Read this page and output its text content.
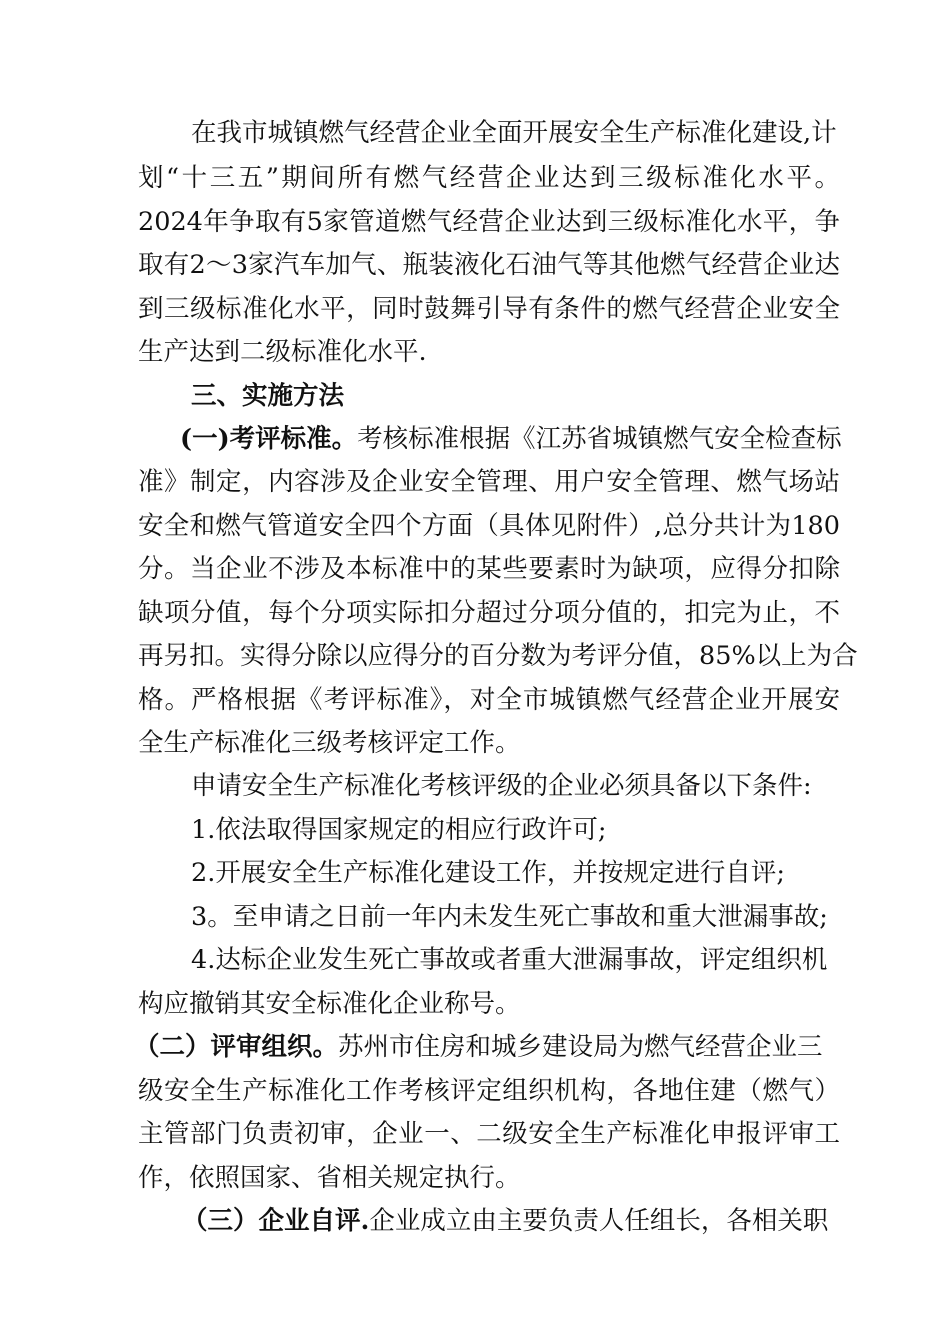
在我市城镇燃气经营企业全面开展安全生产标准化建设,计
划“十三五”期间所有燃气经营企业达到三级标准化水平。
2024年争取有5家管道燃气经营企业达到三级标准化水平，争
取有2～3家汽车加气、瓶装液化石油气等其他燃气经营企业达
到三级标准化水平，同时鼓舞引导有条件的燃气经营企业安全
生产达到二级标准化水平.
三、实施方法
(一)考评标准。考核标准根据《江苏省城镇燃气安全检查标
准》制定，内容涉及企业安全管理、用户安全管理、燃气场站
安全和燃气管道安全四个方面（具体见附件）,总分共计为180
分。当企业不涉及本标准中的某些要素时为缺项，应得分扣除
缺项分值，每个分项实际扣分超过分项分值的，扣完为止，不
再另扣。实得分除以应得分的百分数为考评分值，85%以上为合
格。严格根据《考评标准》，对全市城镇燃气经营企业开展安
全生产标准化三级考核评定工作。
申请安全生产标准化考核评级的企业必须具备以下条件:
1.依法取得国家规定的相应行政许可;
2.开展安全生产标准化建设工作，并按规定进行自评;
3。至申请之日前一年内未发生死亡事故和重大泄漏事故;
4.达标企业发生死亡事故或者重大泄漏事故，评定组织机
构应撤销其安全标准化企业称号。
（二）评审组织。苏州市住房和城乡建设局为燃气经营企业三
级安全生产标准化工作考核评定组织机构，各地住建（燃气）
主管部门负责初审，企业一、二级安全生产标准化申报评审工
作，依照国家、省相关规定执行。
（三）企业自评.企业成立由主要负责人任组长，各相关职
